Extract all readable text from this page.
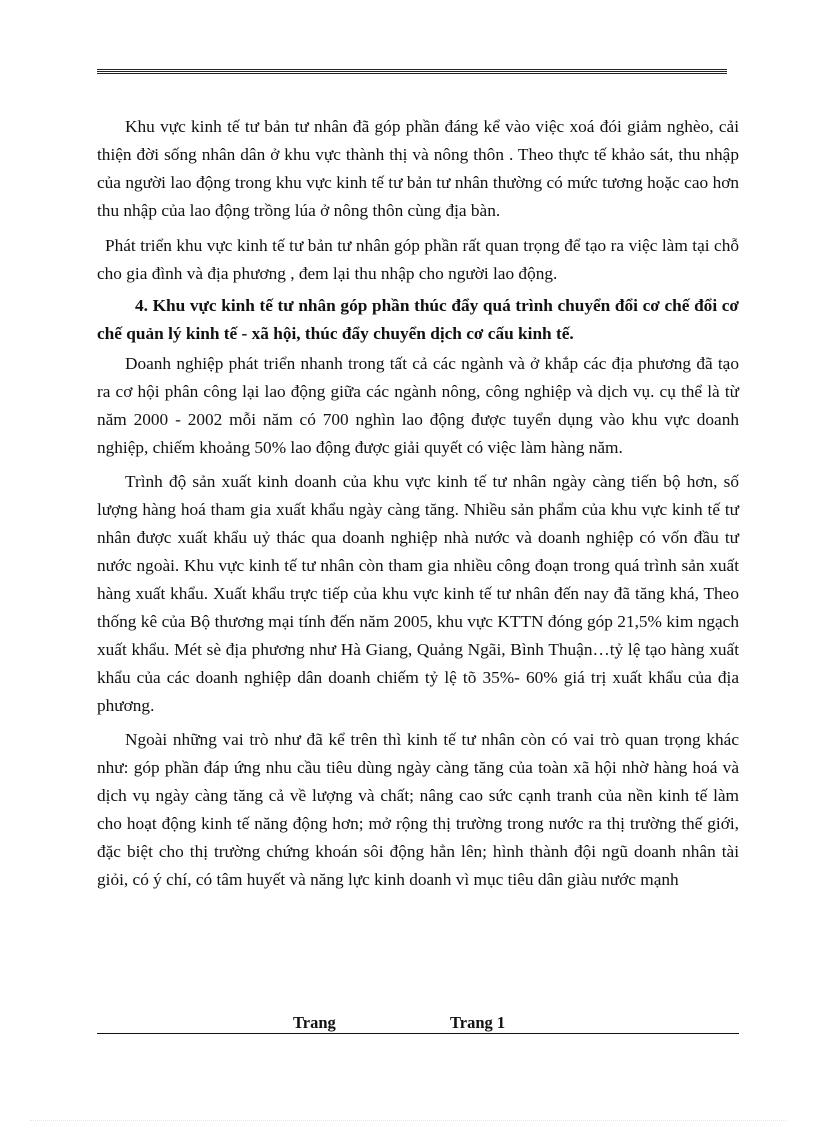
Khu vực kinh tế tư bản tư nhân đã góp phần đáng kể vào việc xoá đói giảm nghèo, cải thiện đời sống nhân dân ở khu vực thành thị và nông thôn . Theo thực tế khảo sát, thu nhập của người lao động trong khu vực kinh tế tư bản tư nhân thường có mức tương hoặc cao hơn thu nhập của lao động trồng lúa ở nông thôn cùng địa bàn.

Phát triển khu vực kinh tế tư bản tư nhân góp phần rất quan trọng để tạo ra việc làm tại chỗ cho gia đình và địa phương , đem lại thu nhập cho người lao động.

4. Khu vực kinh tế tư nhân góp phần thúc đẩy quá trình chuyển đổi cơ chế đổi cơ chế quản lý kinh tế - xã hội, thúc đẩy chuyển dịch cơ cấu kinh tế.

Doanh nghiệp phát triển nhanh trong tất cả các ngành và ở khắp các địa phương đã tạo ra cơ hội phân công lại lao động giữa các ngành nông, công nghiệp và dịch vụ. cụ thể là từ năm 2000 - 2002 mỗi năm có 700 nghìn lao động được tuyển dụng vào khu vực doanh nghiệp, chiếm khoảng 50% lao động được giải quyết có việc làm hàng năm.

Trình độ sản xuất kinh doanh của khu vực kinh tế tư nhân ngày càng tiến bộ hơn, số lượng hàng hoá tham gia xuất khẩu ngày càng tăng. Nhiều sản phẩm của khu vực kinh tế tư nhân được xuất khẩu uỷ thác qua doanh nghiệp nhà nước và doanh nghiệp có vốn đầu tư nước ngoài. Khu vực kinh tế tư nhân còn tham gia nhiều công đoạn trong quá trình sản xuất hàng xuất khẩu. Xuất khẩu trực tiếp của khu vực kinh tế tư nhân đến nay đã tăng khá, Theo thống kê của Bộ thương mại tính đến năm 2005, khu vực KTTN đóng góp 21,5% kim ngạch xuất khẩu. Mét sè địa phương như Hà Giang, Quảng Ngãi, Bình Thuận…tỷ lệ tạo hàng xuất khẩu của các doanh nghiệp dân doanh chiếm tỷ lệ tõ 35%- 60% giá trị xuất khẩu của địa phương.

Ngoài những vai trò như đã kể trên thì kinh tế tư nhân còn có vai trò quan trọng khác như: góp phần đáp ứng nhu cầu tiêu dùng ngày càng tăng của toàn xã hội nhờ hàng hoá và dịch vụ ngày càng tăng cả về lượng và chất; nâng cao sức cạnh tranh của nền kinh tế làm cho hoạt động kinh tế năng động hơn; mở rộng thị trường trong nước ra thị trường thế giới, đặc biệt cho thị trường chứng khoán sôi động hẳn lên; hình thành đội ngũ doanh nhân tài giỏi, có ý chí, có tâm huyết và năng lực kinh doanh vì mục tiêu dân giàu nước mạnh

Trang	Trang 1
